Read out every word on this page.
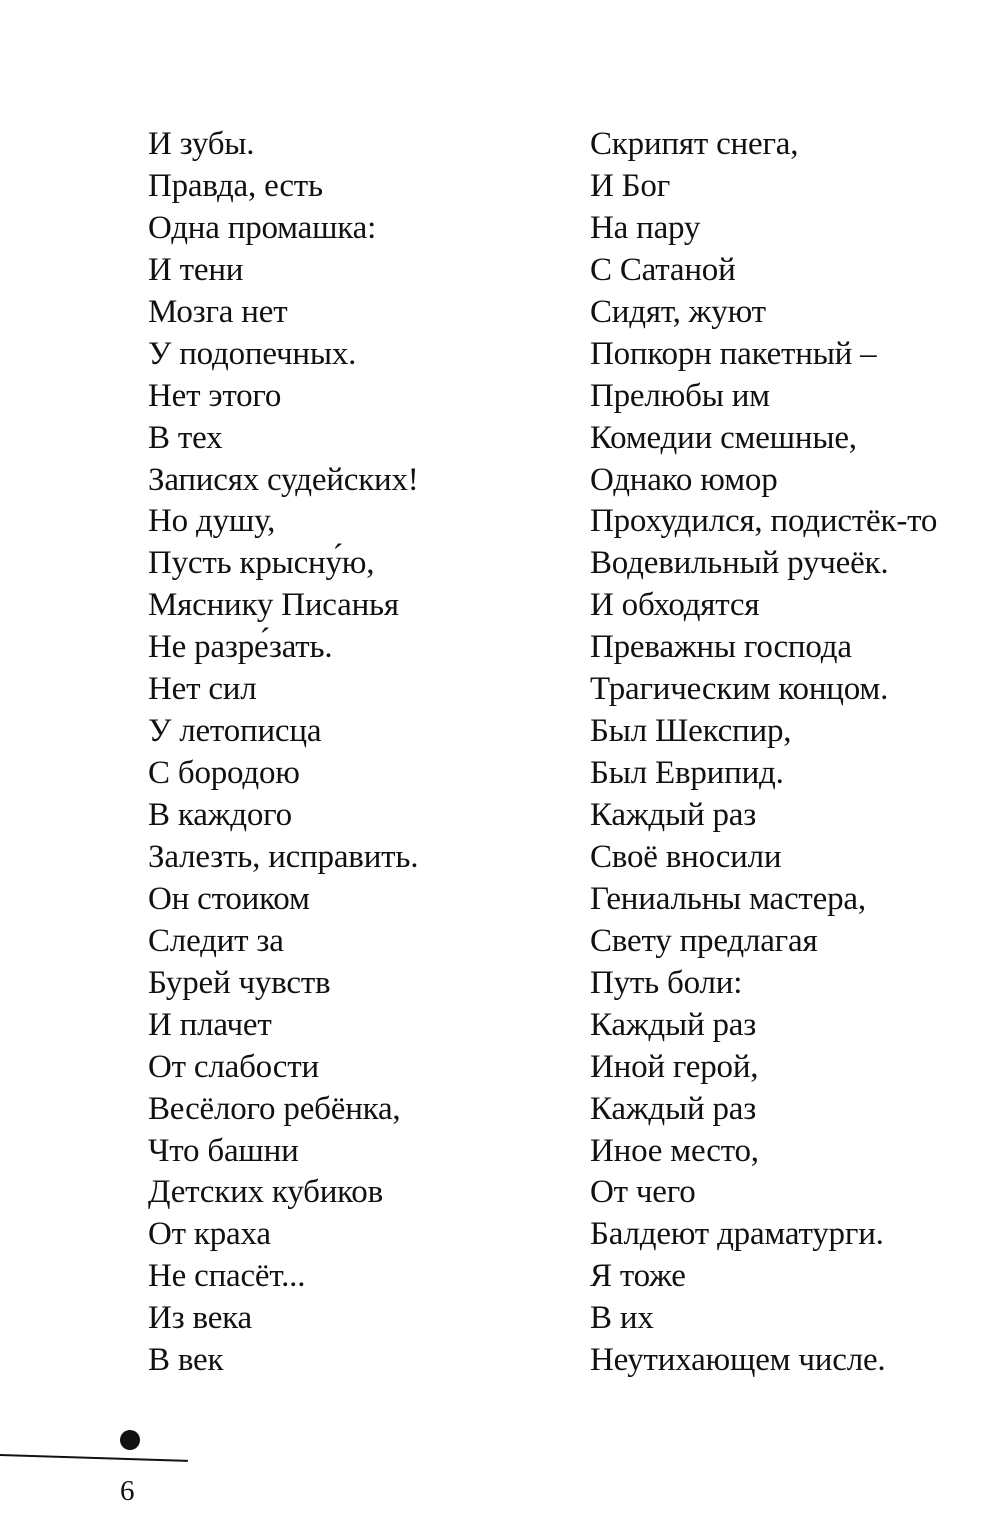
И зубы.
Правда, есть
Одна промашка:
И тени
Мозга нет
У подопечных.
Нет этого
В тех
Записях судейских!
Но душу,
Пусть крысну́ю,
Мяснику Писанья
Не разре́зать.
Нет сил
У летописца
С бородою
В каждого
Залезть, исправить.
Он стоиком
Следит за
Бурей чувств
И плачет
От слабости
Весёлого ребёнка,
Что башни
Детских кубиков
От краха
Не спасёт...
Из века
В век
Скрипят снега,
И Бог
На пару
С Сатаной
Сидят, жуют
Попкорн пакетный –
Прелюбы им
Комедии смешные,
Однако юмор
Прохудился, подистёк-то
Водевильный ручеёк.
И обходятся
Преважны господа
Трагическим концом.
Был Шекспир,
Был Еврипид.
Каждый раз
Своё вносили
Гениальны мастера,
Свету предлагая
Путь боли:
Каждый раз
Иной герой,
Каждый раз
Иное место,
От чего
Балдеют драматурги.
Я тоже
В их
Неутихающем числе.
6
